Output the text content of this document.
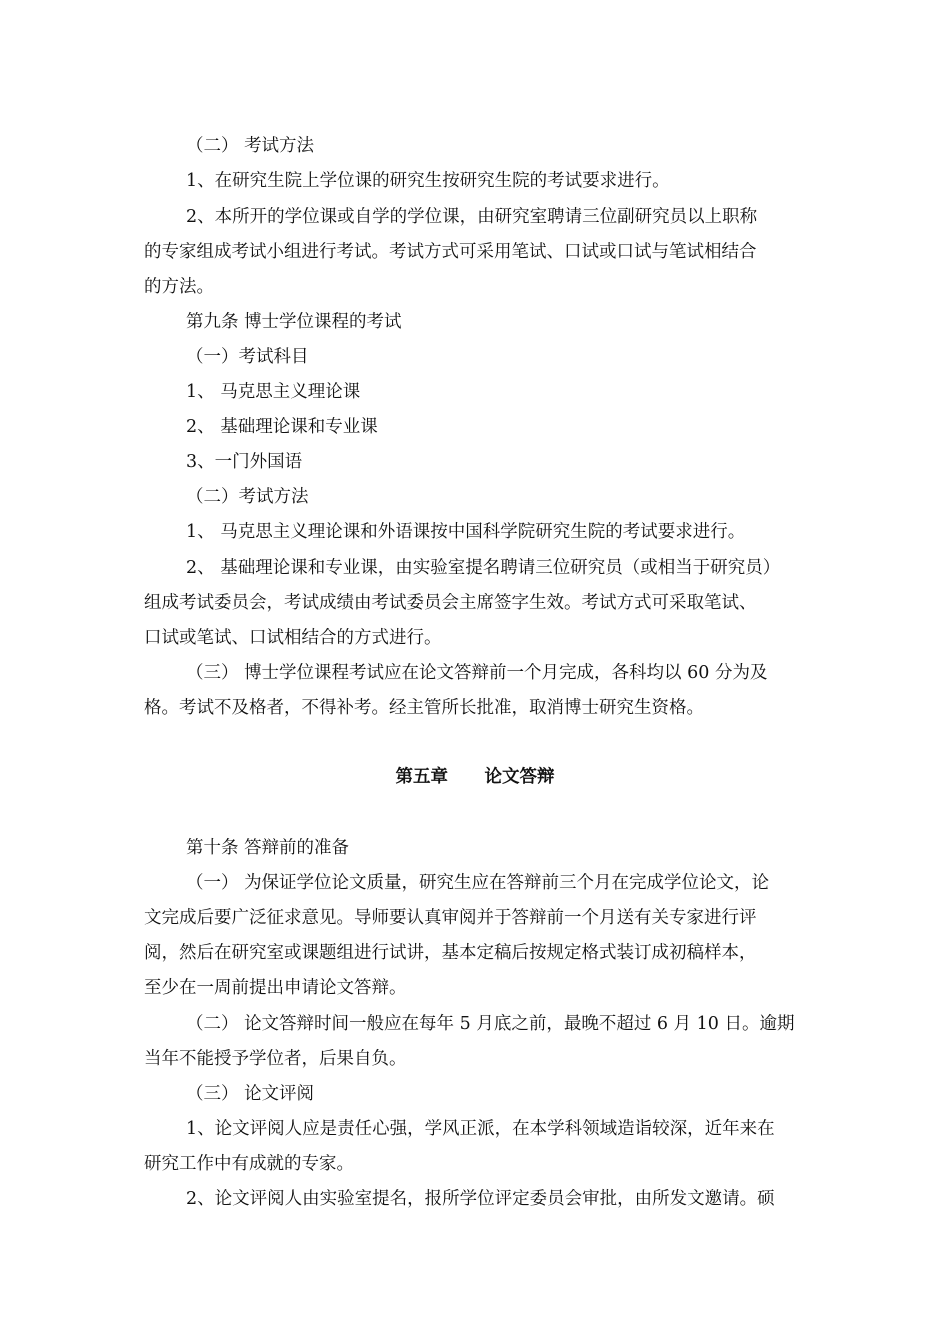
（二） 考试方法
1、在研究生院上学位课的研究生按研究生院的考试要求进行。
2、本所开的学位课或自学的学位课，由研究室聘请三位副研究员以上职称
的专家组成考试小组进行考试。考试方式可采用笔试、口试或口试与笔试相结合
的方法。
第九条 博士学位课程的考试
（一）考试科目
1、 马克思主义理论课
2、 基础理论课和专业课
3、一门外国语
（二）考试方法
1、 马克思主义理论课和外语课按中国科学院研究生院的考试要求进行。
2、 基础理论课和专业课，由实验室提名聘请三位研究员（或相当于研究员）
组成考试委员会，考试成绩由考试委员会主席签字生效。考试方式可采取笔试、
口试或笔试、口试相结合的方式进行。
（三） 博士学位课程考试应在论文答辩前一个月完成，各科均以 60 分为及
格。考试不及格者，不得补考。经主管所长批准，取消博士研究生资格。
第五章      论文答辩
第十条 答辩前的准备
（一） 为保证学位论文质量，研究生应在答辩前三个月在完成学位论文，论
文完成后要广泛征求意见。导师要认真审阅并于答辩前一个月送有关专家进行评
阅，然后在研究室或课题组进行试讲，基本定稿后按规定格式装订成初稿样本，
至少在一周前提出申请论文答辩。
（二） 论文答辩时间一般应在每年 5 月底之前，最晚不超过 6 月 10 日。逾期
当年不能授予学位者，后果自负。
（三） 论文评阅
1、论文评阅人应是责任心强，学风正派，在本学科领域造诣较深，近年来在
研究工作中有成就的专家。
2、论文评阅人由实验室提名，报所学位评定委员会审批，由所发文邀请。硕
